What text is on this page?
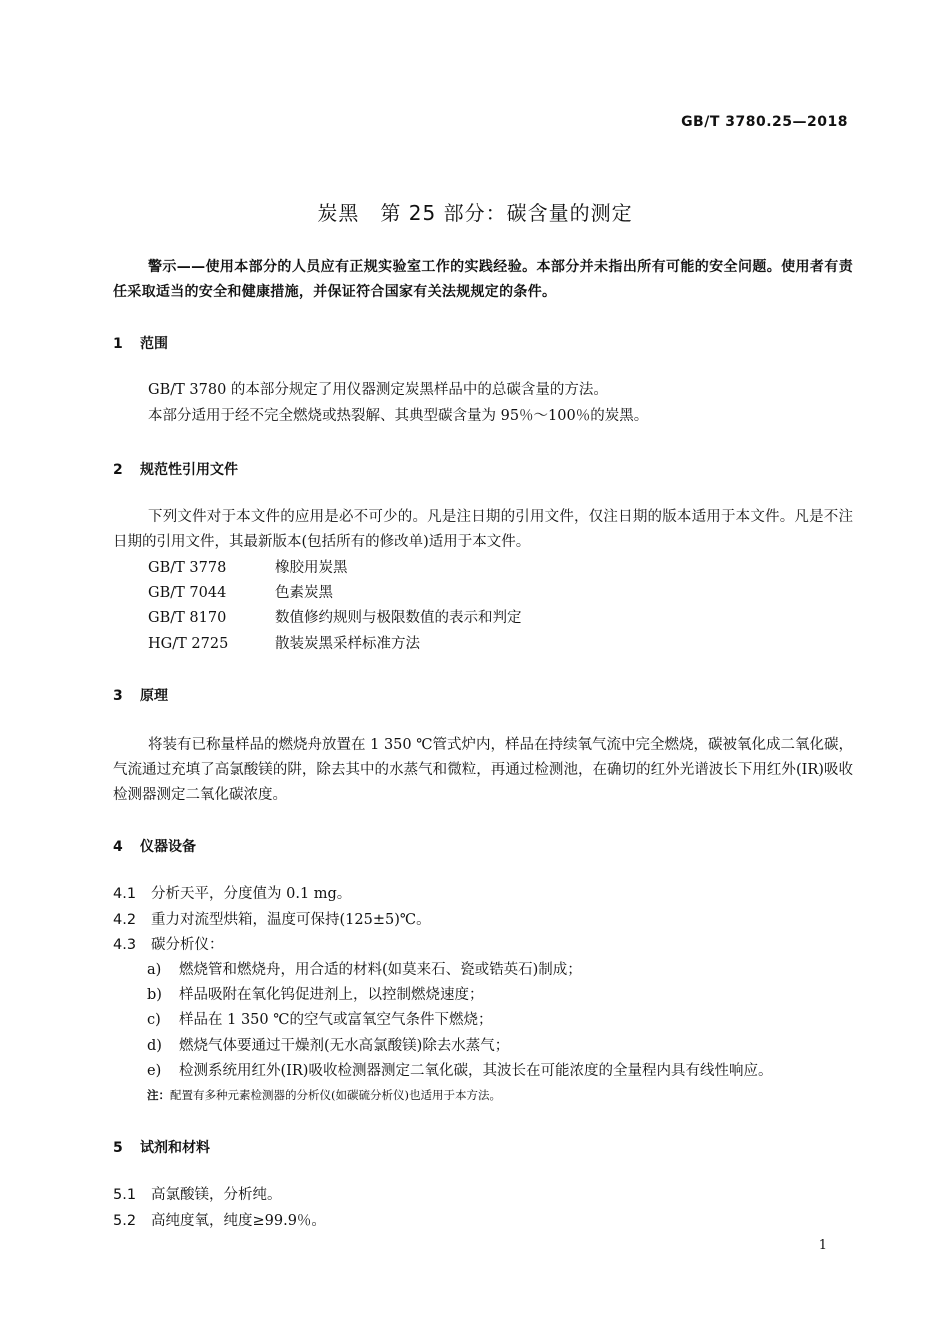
GB/T 3780.25—2018
炭黑　第 25 部分：碳含量的测定
警示——使用本部分的人员应有正规实验室工作的实践经验。本部分并未指出所有可能的安全问题。使用者有责任采取适当的安全和健康措施，并保证符合国家有关法规规定的条件。
1 范围
GB/T 3780 的本部分规定了用仪器测定炭黑样品中的总碳含量的方法。
本部分适用于经不完全燃烧或热裂解、其典型碳含量为 95％～100％的炭黑。
2 规范性引用文件
下列文件对于本文件的应用是必不可少的。凡是注日期的引用文件，仅注日期的版本适用于本文件。凡是不注日期的引用文件，其最新版本(包括所有的修改单)适用于本文件。
GB/T 3778	橡胶用炭黑
GB/T 7044	色素炭黑
GB/T 8170	数值修约规则与极限数值的表示和判定
HG/T 2725	散装炭黑采样标准方法
3 原理
将装有已称量样品的燃烧舟放置在 1 350 ℃管式炉内，样品在持续氧气流中完全燃烧，碳被氧化成二氧化碳，气流通过充填了高氯酸镁的阱，除去其中的水蒸气和微粒，再通过检测池，在确切的红外光谱波长下用红外(IR)吸收检测器测定二氧化碳浓度。
4 仪器设备
4.1 分析天平，分度值为 0.1 mg。
4.2 重力对流型烘箱，温度可保持(125±5)℃。
4.3 碳分析仪：
a) 燃烧管和燃烧舟，用合适的材料(如莫来石、瓷或锆英石)制成；
b) 样品吸附在氧化钨促进剂上，以控制燃烧速度；
c) 样品在 1 350 ℃的空气或富氧空气条件下燃烧；
d) 燃烧气体要通过干燥剂(无水高氯酸镁)除去水蒸气；
e) 检测系统用红外(IR)吸收检测器测定二氧化碳，其波长在可能浓度的全量程内具有线性响应。
注：配置有多种元素检测器的分析仪(如碳硫分析仪)也适用于本方法。
5 试剂和材料
5.1 高氯酸镁，分析纯。
5.2 高纯度氧，纯度≥99.9％。
1
